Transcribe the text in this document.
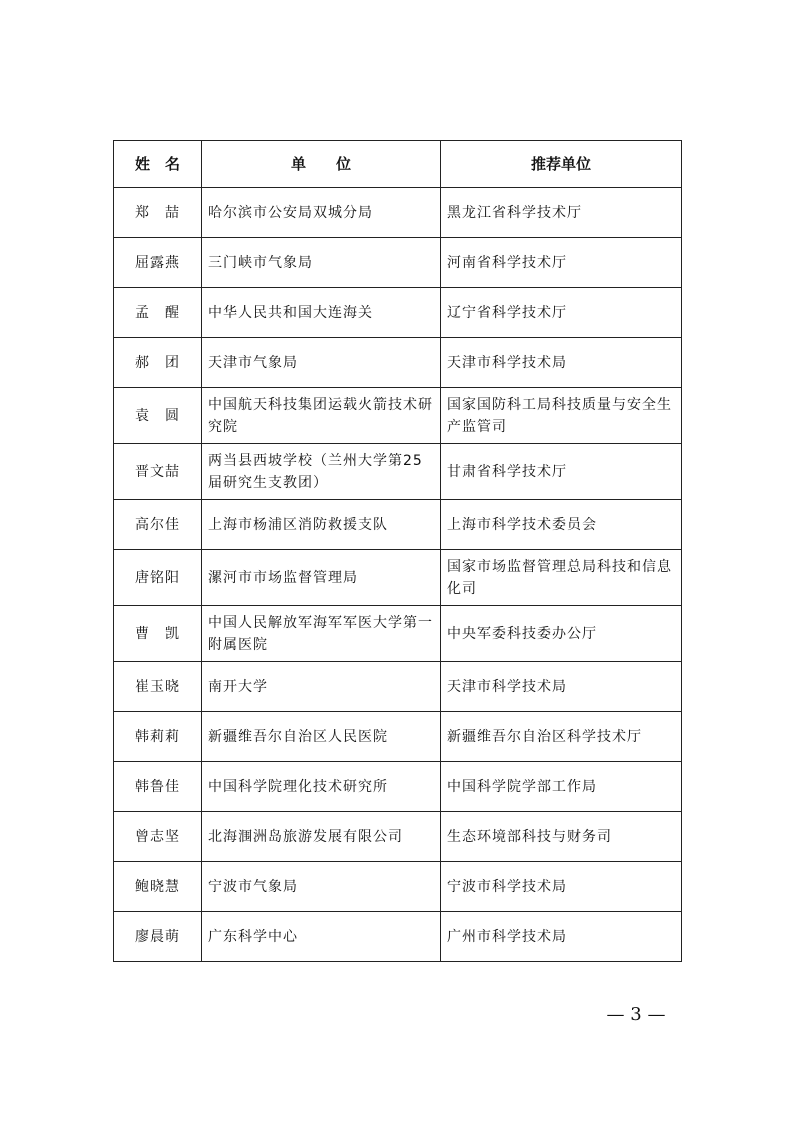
姓　名	单　　位	推荐单位
郑　喆	哈尔滨市公安局双城分局	黑龙江省科学技术厅
屈露燕	三门峡市气象局	河南省科学技术厅
孟　醒	中华人民共和国大连海关	辽宁省科学技术厅
郝　团	天津市气象局	天津市科学技术局
袁　圆	中国航天科技集团运载火箭技术研究院	国家国防科工局科技质量与安全生产监管司
晋文喆	两当县西坡学校（兰州大学第25届研究生支教团）	甘肃省科学技术厅
高尔佳	上海市杨浦区消防救援支队	上海市科学技术委员会
唐铭阳	漯河市市场监督管理局	国家市场监督管理总局科技和信息化司
曹　凯	中国人民解放军海军军医大学第一附属医院	中央军委科技委办公厅
崔玉晓	南开大学	天津市科学技术局
韩莉莉	新疆维吾尔自治区人民医院	新疆维吾尔自治区科学技术厅
韩鲁佳	中国科学院理化技术研究所	中国科学院学部工作局
曾志坚	北海涠洲岛旅游发展有限公司	生态环境部科技与财务司
鲍晓慧	宁波市气象局	宁波市科学技术局
廖晨萌	广东科学中心	广州市科学技术局
— 3 —
